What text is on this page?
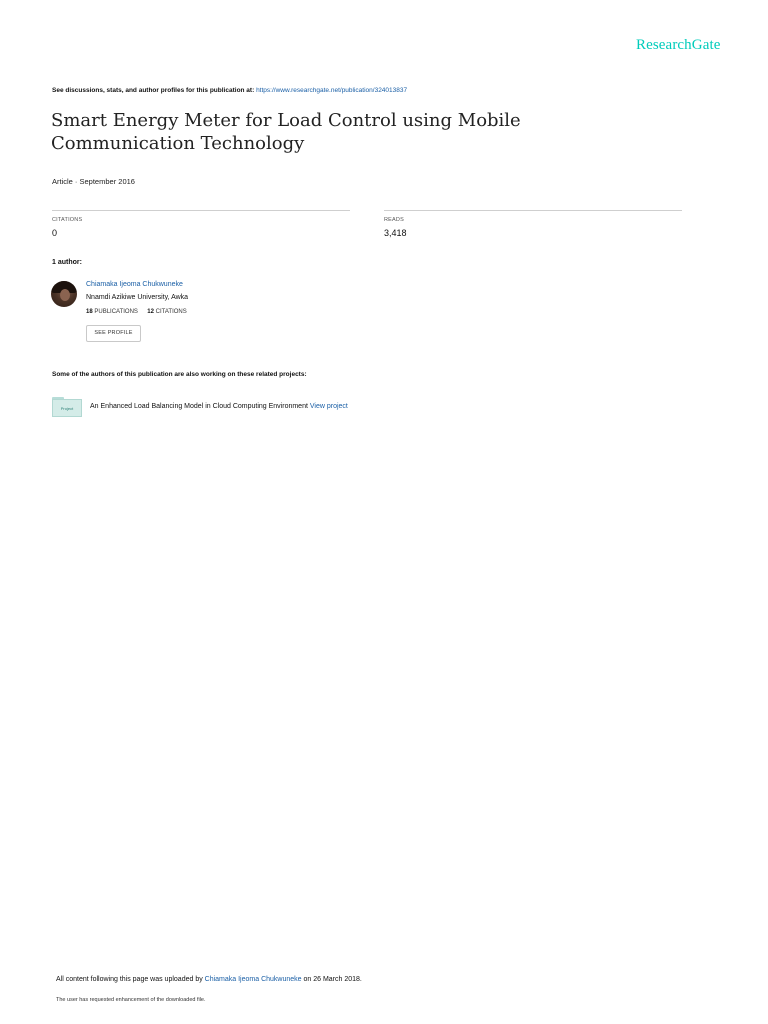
ResearchGate
See discussions, stats, and author profiles for this publication at: https://www.researchgate.net/publication/324013837
Smart Energy Meter for Load Control using Mobile Communication Technology
Article · September 2016
CITATIONS
0
READS
3,418
1 author:
Chiamaka Ijeoma Chukwuneke
Nnamdi Azikiwe University, Awka
18 PUBLICATIONS 12 CITATIONS
SEE PROFILE
Some of the authors of this publication are also working on these related projects:
Project	An Enhanced Load Balancing Model in Cloud Computing Environment View project
All content following this page was uploaded by Chiamaka Ijeoma Chukwuneke on 26 March 2018.
The user has requested enhancement of the downloaded file.
